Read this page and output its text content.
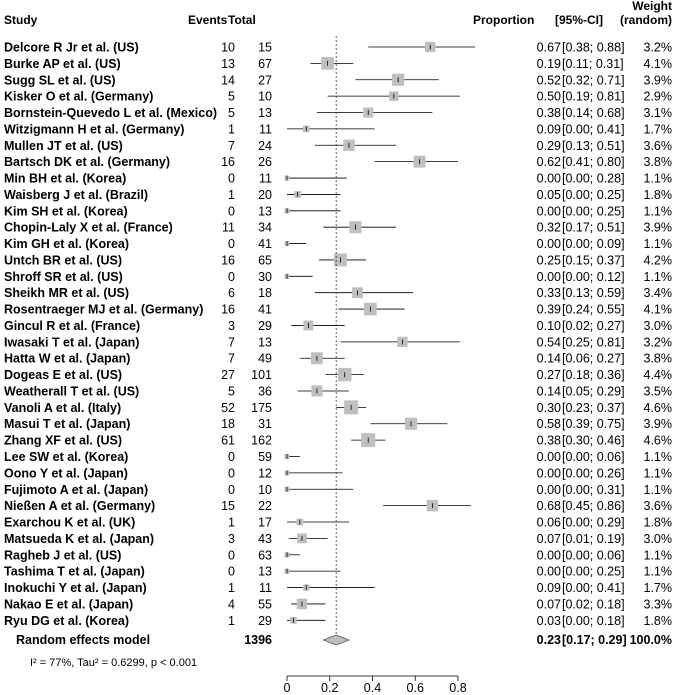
Study	Events Total	Proportion [95%-CI]
Weight
(random)
Delcore R Jr et al. (US)	10 15	0.67 [0.38; 0.88] 3.2%
Burke AP et al. (US)	13 67	0.19 [0.11; 0.31] 4.1%
Sugg SL et al. (US)	14 27	0.52 [0.32; 0.71] 3.9%
Kisker O et al. (Germany)	5 10	0.50 [0.19; 0.81] 2.9%
Bornstein-Quevedo L et al. (Mexico) 5 13	0.38 [0.14; 0.68] 3.1%
Witzigmann H et al. (Germany)	1 11	0.09 [0.00; 0.41] 1.7%
Mullen JT et al. (US)	7 24	0.29 [0.13; 0.51] 3.6%
Bartsch DK et al. (Germany)	16 26	0.62 [0.41; 0.80] 3.8%
Min BH et al. (Korea)	0 11	0.00 [0.00; 0.28] 1.1%
Waisberg J et al. (Brazil)	1 20	0.05 [0.00; 0.25] 1.8%
Kim SH et al. (Korea)	0 13	0.00 [0.00; 0.25] 1.1%
Chopin-Laly X et al. (France)	11 34	0.32 [0.17; 0.51] 3.9%
Kim GH et al. (Korea)	0 41	0.00 [0.00; 0.09] 1.1%
Untch BR et al. (US)	16 65	0.25 [0.15; 0.37] 4.2%
Shroff SR et al. (US)	0 30	0.00 [0.00; 0.12] 1.1%
Sheikh MR et al. (US)	6 18	0.33 [0.13; 0.59] 3.4%
Rosentraeger MJ et al. (Germany) 16 41	0.39 [0.24; 0.55] 4.1%
Gincul R et al. (France)	3 29	0.10 [0.02; 0.27] 3.0%
Iwasaki T et al. (Japan)	7 13	0.54 [0.25; 0.81] 3.2%
Hatta W et al. (Japan)	7 49	0.14 [0.06; 0.27] 3.8%
Dogeas E et al. (US)	27 101	0.27 [0.18; 0.36] 4.4%
Weatherall T et al. (US)	5 36	0.14 [0.05; 0.29] 3.5%
Vanoli A et al. (Italy)	52 175	0.30 [0.23; 0.37] 4.6%
Masui T et al. (Japan)	18 31	0.58 [0.39; 0.75] 3.9%
Zhang XF et al. (US)	61 162	0.38 [0.30; 0.46] 4.6%
Lee SW et al. (Korea)	0 59	0.00 [0.00; 0.06] 1.1%
Oono Y et al. (Japan)	0 12	0.00 [0.00; 0.26] 1.1%
Fujimoto A et al. (Japan)	0 10	0.00 [0.00; 0.31] 1.1%
Nießen A et al. (Germany)	15 22	0.68 [0.45; 0.86] 3.6%
Exarchou K et al. (UK)	1 17	0.06 [0.00; 0.29] 1.8%
Matsueda K et al. (Japan)	3 43	0.07 [0.01; 0.19] 3.0%
Ragheb J et al. (US)	0 63	0.00 [0.00; 0.06] 1.1%
Tashima T et al. (Japan)	0 13	0.00 [0.00; 0.25] 1.1%
Inokuchi Y et al. (Japan)	1 11	0.09 [0.00; 0.41] 1.7%
Nakao E et al. (Japan)	4 55	0.07 [0.02; 0.18] 3.3%
Ryu DG et al. (Korea)	1 29	0.03 [0.00; 0.18] 1.8%
Random effects model	1396	0.23 [0.17; 0.29] 100.0%
I² = 77%, Tau² = 0.6299, p < 0.001
0 0.2 0.4 0.6 0.8
